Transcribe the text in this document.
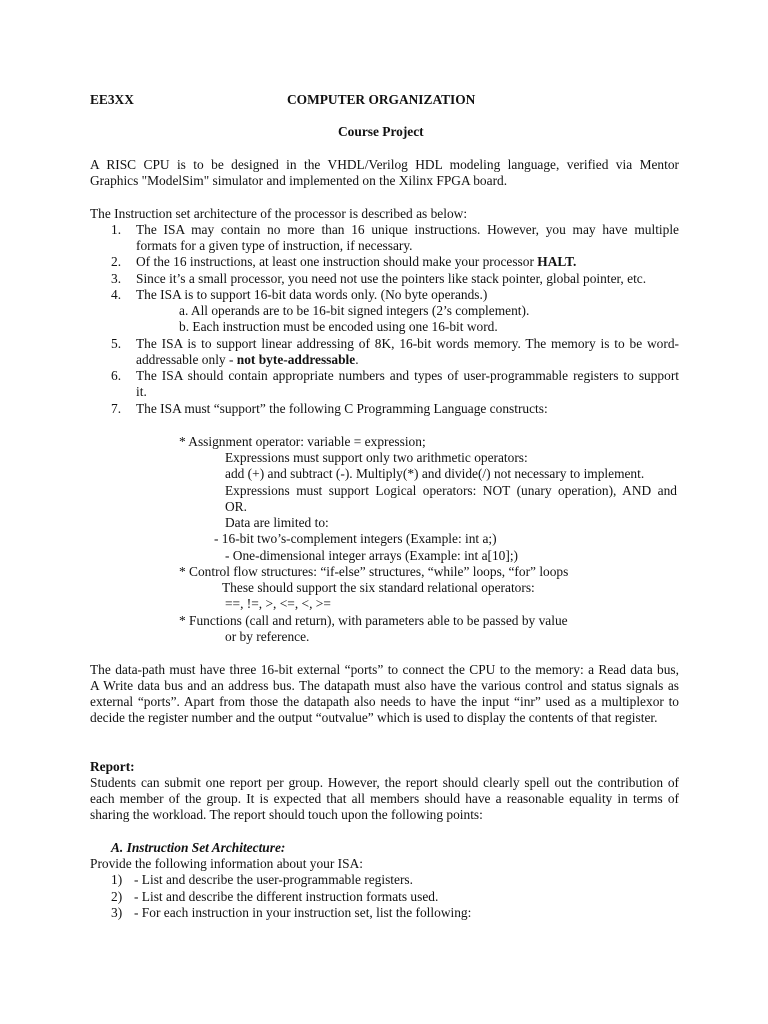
EE3XX	COMPUTER ORGANIZATION
Course Project
A RISC CPU is to be designed in the VHDL/Verilog HDL modeling language, verified via Mentor
Graphics "ModelSim" simulator and implemented on the Xilinx FPGA board.
The Instruction set architecture of the processor is described as below:
1. The ISA may contain no more than 16 unique instructions. However, you may have multiple
formats for a given type of instruction, if necessary.
2. Of the 16 instructions, at least one instruction should make your processor HALT.
3. Since it’s a small processor, you need not use the pointers like stack pointer, global pointer, etc.
4. The ISA is to support 16-bit data words only. (No byte operands.)
a. All operands are to be 16-bit signed integers (2’s complement).
b. Each instruction must be encoded using one 16-bit word.
5. The ISA is to support linear addressing of 8K, 16-bit words memory. The memory is to be word-
addressable only - not byte-addressable.
6. The ISA should contain appropriate numbers and types of user-programmable registers to support
it.
7. The ISA must “support” the following C Programming Language constructs:
* Assignment operator: variable = expression;
Expressions must support only two arithmetic operators:
add (+) and subtract (-). Multiply(*) and divide(/) not necessary to implement.
Expressions must support Logical operators: NOT (unary operation), AND and
OR.
Data are limited to:
- 16-bit two’s-complement integers (Example: int a;)
- One-dimensional integer arrays (Example: int a[10];)
* Control flow structures: “if-else” structures, “while” loops, “for” loops
These should support the six standard relational operators:
==, !=, >, <=, <, >=
* Functions (call and return), with parameters able to be passed by value
or by reference.
The data-path must have three 16-bit external “ports” to connect the CPU to the memory: a Read data bus,
A Write data bus and an address bus. The datapath must also have the various control and status signals as
external “ports”. Apart from those the datapath also needs to have the input “inr” used as a multiplexor to
decide the register number and the output “outvalue” which is used to display the contents of that register.
Report:
Students can submit one report per group. However, the report should clearly spell out the contribution of
each member of the group. It is expected that all members should have a reasonable equality in terms of
sharing the workload. The report should touch upon the following points:
A. Instruction Set Architecture:
Provide the following information about your ISA:
1) - List and describe the user-programmable registers.
2) - List and describe the different instruction formats used.
3) - For each instruction in your instruction set, list the following:
